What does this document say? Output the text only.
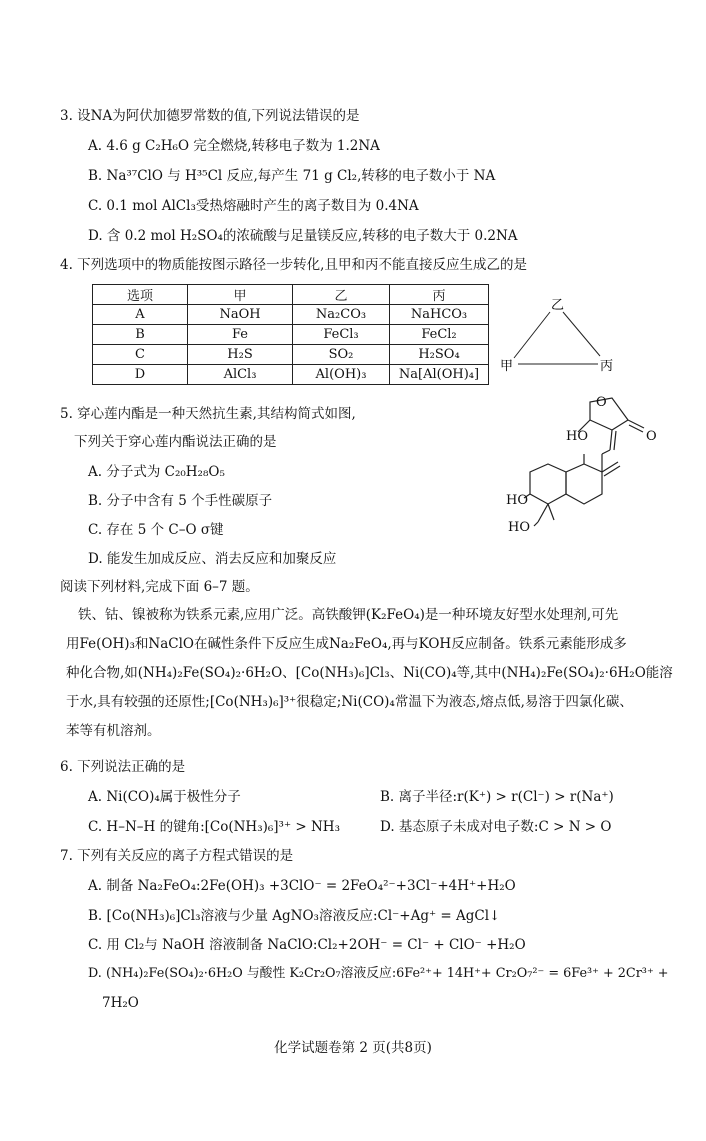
3. 设NA为阿伏加德罗常数的值,下列说法错误的是
A. 4.6 g C₂H₆O 完全燃烧,转移电子数为 1.2NA
B. Na³⁷ClO 与 H³⁵Cl 反应,每产生 71 g Cl₂,转移的电子数小于 NA
C. 0.1 mol AlCl₃受热熔融时产生的离子数目为 0.4NA
D. 含 0.2 mol H₂SO₄的浓硫酸与足量镁反应,转移的电子数大于 0.2NA
4. 下列选项中的物质能按图示路径一步转化,且甲和丙不能直接反应生成乙的是
选项	甲	乙	丙
A	NaOH	Na₂CO₃	NaHCO₃
B	Fe	FeCl₃	FeCl₂
C	H₂S	SO₂	H₂SO₄
D	AlCl₃	Al(OH)₃	Na[Al(OH)₄]
乙
甲	丙
5. 穿心莲内酯是一种天然抗生素,其结构简式如图,
下列关于穿心莲内酯说法正确的是
A. 分子式为 C₂₀H₂₈O₅
B. 分子中含有 5 个手性碳原子
C. 存在 5 个 C–O σ键
D. 能发生加成反应、消去反应和加聚反应
O
HO	O
HO
HO
阅读下列材料,完成下面 6–7 题。
铁、钴、镍被称为铁系元素,应用广泛。高铁酸钾(K₂FeO₄)是一种环境友好型水处理剂,可先
用Fe(OH)₃和NaClO在碱性条件下反应生成Na₂FeO₄,再与KOH反应制备。铁系元素能形成多
种化合物,如(NH₄)₂Fe(SO₄)₂·6H₂O、[Co(NH₃)₆]Cl₃、Ni(CO)₄等,其中(NH₄)₂Fe(SO₄)₂·6H₂O能溶
于水,具有较强的还原性;[Co(NH₃)₆]³⁺很稳定;Ni(CO)₄常温下为液态,熔点低,易溶于四氯化碳、
苯等有机溶剂。
6. 下列说法正确的是
A. Ni(CO)₄属于极性分子	B. 离子半径:r(K⁺) > r(Cl⁻) > r(Na⁺)
C. H–N–H 的键角:[Co(NH₃)₆]³⁺ > NH₃	D. 基态原子未成对电子数:C > N > O
7. 下列有关反应的离子方程式错误的是
A. 制备 Na₂FeO₄:2Fe(OH)₃ +3ClO⁻ = 2FeO₄²⁻+3Cl⁻+4H⁺+H₂O
B. [Co(NH₃)₆]Cl₃溶液与少量 AgNO₃溶液反应:Cl⁻+Ag⁺ = AgCl↓
C. 用 Cl₂与 NaOH 溶液制备 NaClO:Cl₂+2OH⁻ = Cl⁻ + ClO⁻ +H₂O
D. (NH₄)₂Fe(SO₄)₂·6H₂O 与酸性 K₂Cr₂O₇溶液反应:6Fe²⁺+ 14H⁺+ Cr₂O₇²⁻ = 6Fe³⁺ + 2Cr³⁺ +
7H₂O
化学试题卷第 2 页(共8页)
